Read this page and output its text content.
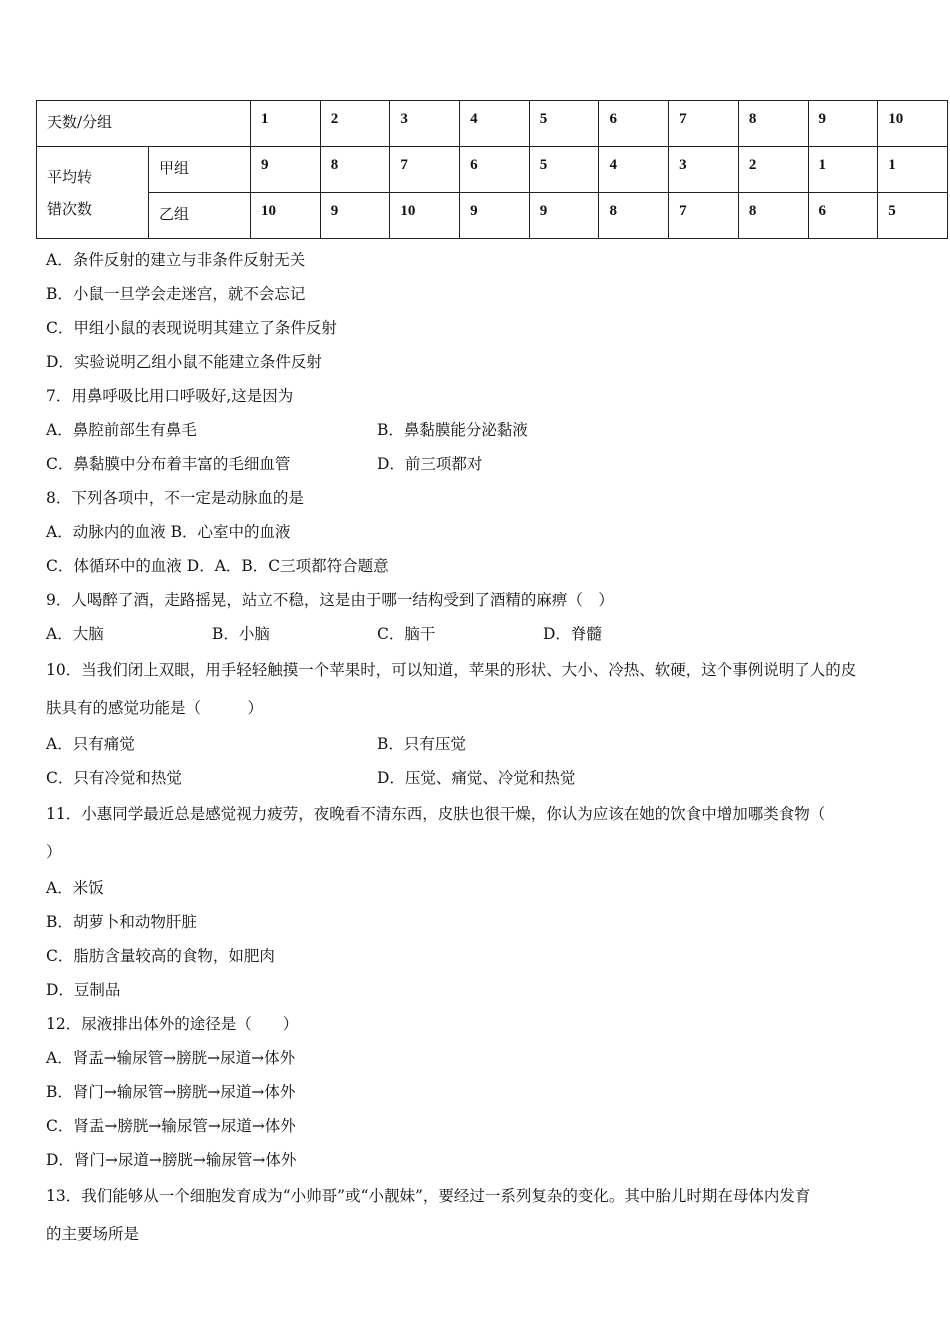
天数/分组		1	2	3	4	5	6	7	8	9	10

平均转
错次数	甲组	9	8	7	6	5	4	3	2	1	1
	乙组	10	9	10	9	9	8	7	8	6	5
A．条件反射的建立与非条件反射无关
B．小鼠一旦学会走迷宫，就不会忘记
C．甲组小鼠的表现说明其建立了条件反射
D．实验说明乙组小鼠不能建立条件反射
7．用鼻呼吸比用口呼吸好,这是因为
A．鼻腔前部生有鼻毛	B．鼻黏膜能分泌黏液
C．鼻黏膜中分布着丰富的毛细血管	D．前三项都对
8．下列各项中，不一定是动脉血的是
A．动脉内的血液 B．心室中的血液
C．体循环中的血液 D．A．B．C三项都符合题意
9．人喝醉了酒，走路摇晃，站立不稳，这是由于哪一结构受到了酒精的麻痹（　）
A．大脑	B．小脑	C．脑干	D．脊髓
10．当我们闭上双眼，用手轻轻触摸一个苹果时，可以知道，苹果的形状、大小、冷热、软硬，这个事例说明了人的皮
肤具有的感觉功能是（　　　）
A．只有痛觉	B．只有压觉
C．只有冷觉和热觉	D．压觉、痛觉、冷觉和热觉
11．小惠同学最近总是感觉视力疲劳，夜晚看不清东西，皮肤也很干燥，你认为应该在她的饮食中增加哪类食物（
）
A．米饭
B．胡萝卜和动物肝脏
C．脂肪含量较高的食物，如肥肉
D．豆制品
12．尿液排出体外的途径是（　　）
A．肾盂→输尿管→膀胱→尿道→体外
B．肾门→输尿管→膀胱→尿道→体外
C．肾盂→膀胱→输尿管→尿道→体外
D．肾门→尿道→膀胱→输尿管→体外
13．我们能够从一个细胞发育成为“小帅哥”或“小靓妹”，要经过一系列复杂的变化。其中胎儿时期在母体内发育
的主要场所是
